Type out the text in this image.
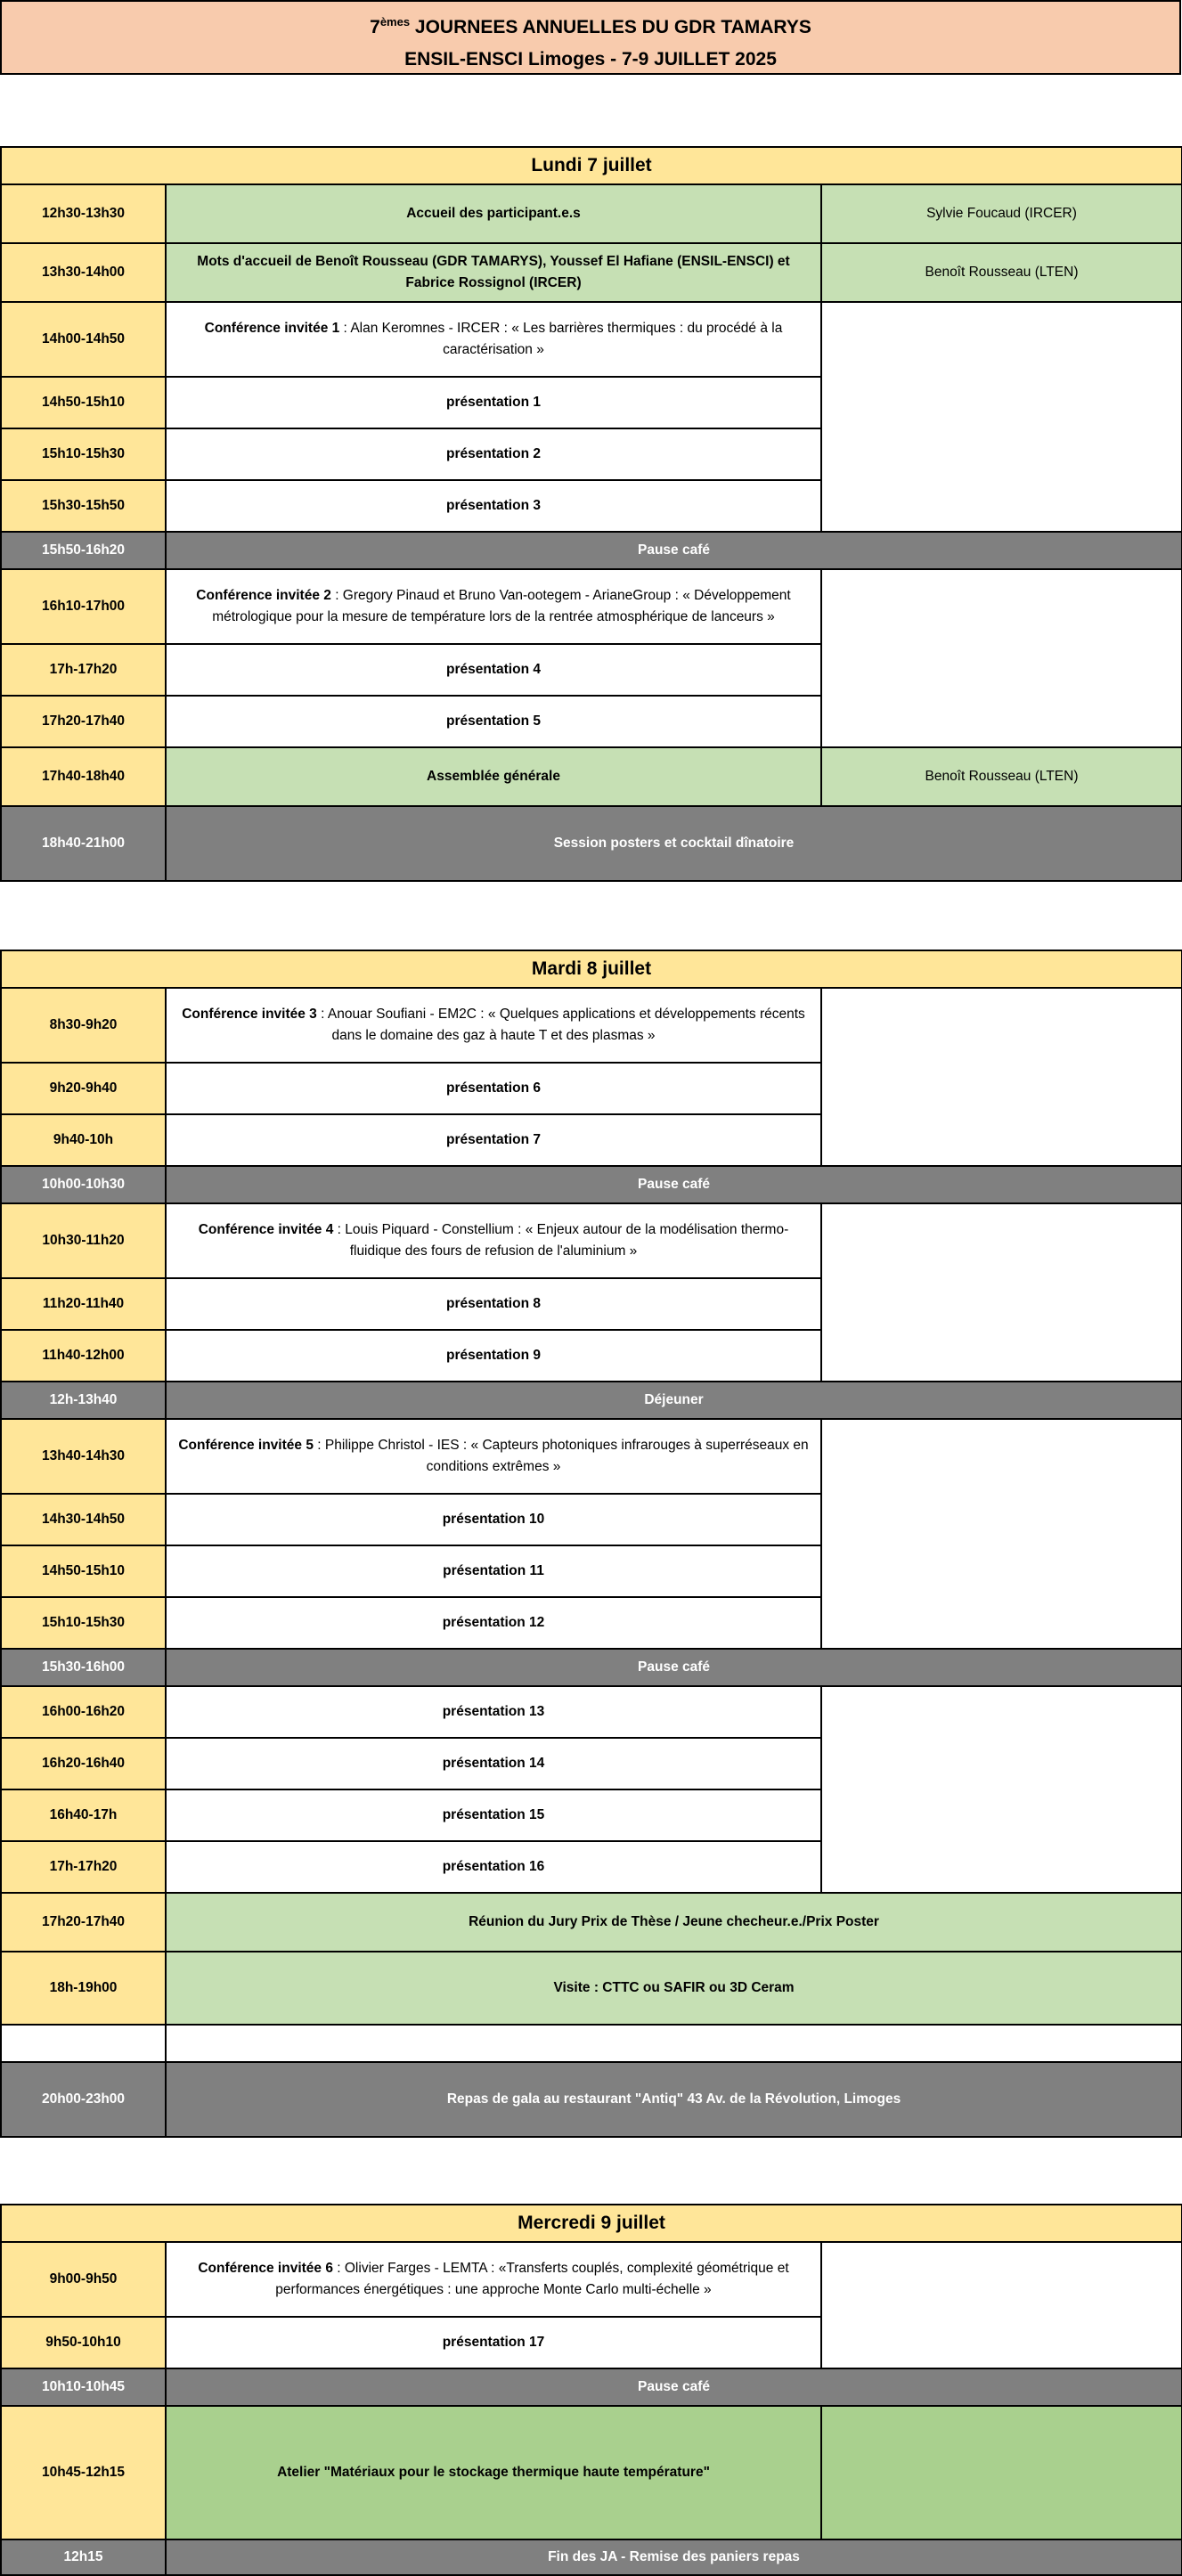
7èmes JOURNEES ANNUELLES DU GDR TAMARYS
ENSIL-ENSCI Limoges - 7-9 JUILLET 2025
Lundi 7 juillet		
12h30-13h30	Accueil des participant.e.s	Sylvie Foucaud (IRCER)
13h30-14h00	Mots d'accueil de Benoît Rousseau (GDR TAMARYS), Youssef El Hafiane (ENSIL-ENSCI) et Fabrice Rossignol (IRCER)	Benoît Rousseau (LTEN)
14h00-14h50	Conférence invitée 1 : Alan Keromnes - IRCER : « Les barrières thermiques : du procédé à la caractérisation »	
14h50-15h10	présentation 1	
15h10-15h30	présentation 2	
15h30-15h50	présentation 3	
15h50-16h20	Pause café	
16h10-17h00	Conférence invitée 2 : Gregory Pinaud et Bruno Van-ootegem - ArianeGroup : « Développement métrologique pour la mesure de température lors de la rentrée atmosphérique de lanceurs »	
17h-17h20	présentation 4	
17h20-17h40	présentation 5	
17h40-18h40	Assemblée générale	Benoît Rousseau (LTEN)
18h40-21h00	Session posters et cocktail dînatoire	
Mardi 8 juillet		
8h30-9h20	Conférence invitée 3 : Anouar Soufiani - EM2C : « Quelques applications et développements récents dans le domaine des gaz à haute T et des plasmas »	
9h20-9h40	présentation 6	
9h40-10h	présentation 7	
10h00-10h30	Pause café	
10h30-11h20	Conférence invitée 4 : Louis Piquard - Constellium : « Enjeux autour de la modélisation thermo-fluidique des fours de refusion de l'aluminium »	
11h20-11h40	présentation 8	
11h40-12h00	présentation 9	
12h-13h40	Déjeuner	
13h40-14h30	Conférence invitée 5 : Philippe Christol - IES : « Capteurs photoniques infrarouges à superréseaux en conditions extrêmes »	
14h30-14h50	présentation 10	
14h50-15h10	présentation 11	
15h10-15h30	présentation 12	
15h30-16h00	Pause café	
16h00-16h20	présentation 13	
16h20-16h40	présentation 14	
16h40-17h	présentation 15	
17h-17h20	présentation 16	
17h20-17h40	Réunion du Jury Prix de Thèse / Jeune checheur.e./Prix Poster	
18h-19h00	Visite : CTTC ou SAFIR ou 3D Ceram	

20h00-23h00	Repas de gala au restaurant "Antiq" 43 Av. de la Révolution, Limoges	
Mercredi 9 juillet		
9h00-9h50	Conférence invitée 6 : Olivier Farges - LEMTA : «Transferts couplés, complexité géométrique et performances énergétiques : une approche Monte Carlo multi-échelle »	
9h50-10h10	présentation 17	
10h10-10h45	Pause café	
10h45-12h15	Atelier "Matériaux pour le stockage thermique haute température"	
12h15	Fin des JA - Remise des paniers repas	
